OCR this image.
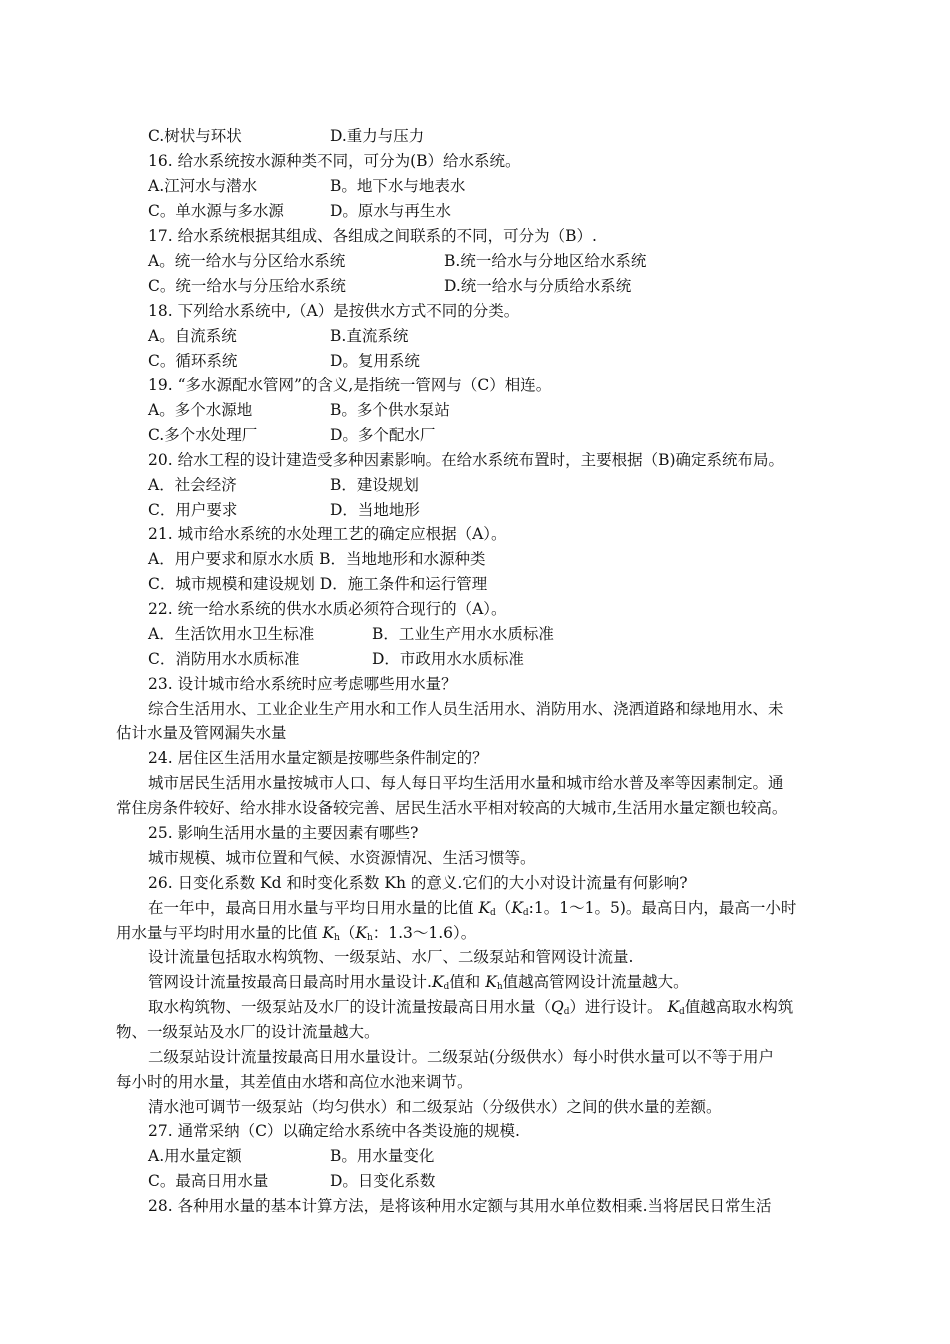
C.树状与环状	D.重力与压力
16. 给水系统按水源种类不同，可分为(B）给水系统。
A.江河水与潜水	B。地下水与地表水
C。单水源与多水源	D。原水与再生水
17. 给水系统根据其组成、各组成之间联系的不同，可分为（B）.
A。统一给水与分区给水系统	B.统一给水与分地区给水系统
C。统一给水与分压给水系统	D.统一给水与分质给水系统
18. 下列给水系统中,（A）是按供水方式不同的分类。
A。自流系统	B.直流系统
C。循环系统	D。复用系统
19. “多水源配水管网”的含义,是指统一管网与（C）相连。
A。多个水源地	B。多个供水泵站
C.多个水处理厂	D。多个配水厂
20. 给水工程的设计建造受多种因素影响。在给水系统布置时，主要根据（B)确定系统布局。
A．社会经济	B．建设规划
C．用户要求	D．当地地形
21. 城市给水系统的水处理工艺的确定应根据（A）。
A．用户要求和原水水质 B．当地地形和水源种类
C．城市规模和建设规划 D．施工条件和运行管理
22. 统一给水系统的供水水质必须符合现行的（A）。
A．生活饮用水卫生标准	B．工业生产用水水质标准
C．消防用水水质标准	D．市政用水水质标准
23. 设计城市给水系统时应考虑哪些用水量？
综合生活用水、工业企业生产用水和工作人员生活用水、消防用水、浇洒道路和绿地用水、未
估计水量及管网漏失水量
24. 居住区生活用水量定额是按哪些条件制定的？
城市居民生活用水量按城市人口、每人每日平均生活用水量和城市给水普及率等因素制定。通
常住房条件较好、给水排水设备较完善、居民生活水平相对较高的大城市,生活用水量定额也较高。
25. 影响生活用水量的主要因素有哪些?
城市规模、城市位置和气候、水资源情况、生活习惯等。
26. 日变化系数 Kd 和时变化系数 Kh 的意义.它们的大小对设计流量有何影响?
在一年中，最高日用水量与平均日用水量的比值 $K_d(K_d:1$。1～1。5)。最高日内，最高一小时
用水量与平均时用水量的比值 $K_h(K_h$：1.3～1.6）。
设计流量包括取水构筑物、一级泵站、水厂、二级泵站和管网设计流量.
管网设计流量按最高日最高时用水量设计$.K_d$值和 $K_h$值越高管网设计流量越大。
取水构筑物、一级泵站及水厂的设计流量按最高日用水量$(Q_d)$进行设计。 $K_d$值越高取水构筑
物、一级泵站及水厂的设计流量越大。
二级泵站设计流量按最高日用水量设计。二级泵站(分级供水）每小时供水量可以不等于用户
每小时的用水量，其差值由水塔和高位水池来调节。
清水池可调节一级泵站（均匀供水）和二级泵站（分级供水）之间的供水量的差额。
27. 通常采纳（C）以确定给水系统中各类设施的规模.
A.用水量定额	B。用水量变化
C。最高日用水量	D。日变化系数
28. 各种用水量的基本计算方法，是将该种用水定额与其用水单位数相乘.当将居民日常生活
